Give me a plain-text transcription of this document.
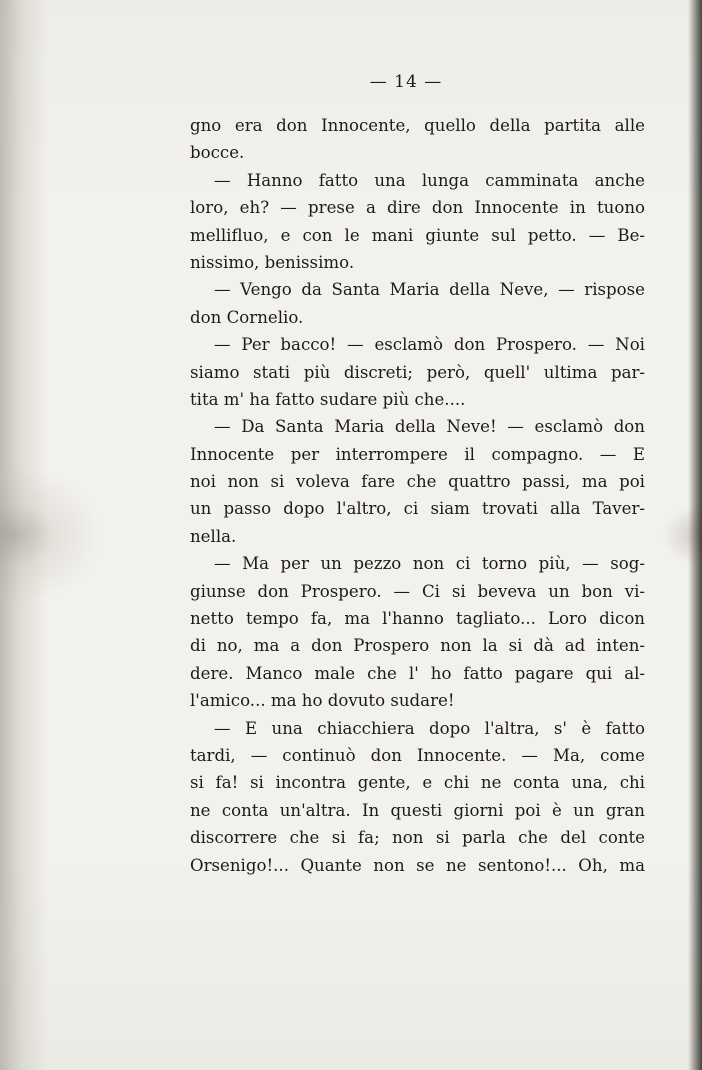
— 14 —
gno era don Innocente, quello della partita alle
bocce.
— Hanno fatto una lunga camminata anche
loro, eh? — prese a dire don Innocente in tuono
mellifluo, e con le mani giunte sul petto. — Be-
nissimo, benissimo.
— Vengo da Santa Maria della Neve, — rispose
don Cornelio.
— Per bacco! — esclamò don Prospero. — Noi
siamo stati più discreti; però, quell' ultima par-
tita m' ha fatto sudare più che....
— Da Santa Maria della Neve! — esclamò don
Innocente per interrompere il compagno. — E
noi non si voleva fare che quattro passi, ma poi
un passo dopo l'altro, ci siam trovati alla Taver-
nella.
— Ma per un pezzo non ci torno più, — sog-
giunse don Prospero. — Ci si beveva un bon vi-
netto tempo fa, ma l'hanno tagliato... Loro dicon
di no, ma a don Prospero non la si dà ad inten-
dere. Manco male che l' ho fatto pagare qui al-
l'amico... ma ho dovuto sudare!
— E una chiacchiera dopo l'altra, s' è fatto
tardi, — continuò don Innocente. — Ma, come
si fa! si incontra gente, e chi ne conta una, chi
ne conta un'altra. In questi giorni poi è un gran
discorrere che si fa; non si parla che del conte
Orsenigo!... Quante non se ne sentono!... Oh, ma
